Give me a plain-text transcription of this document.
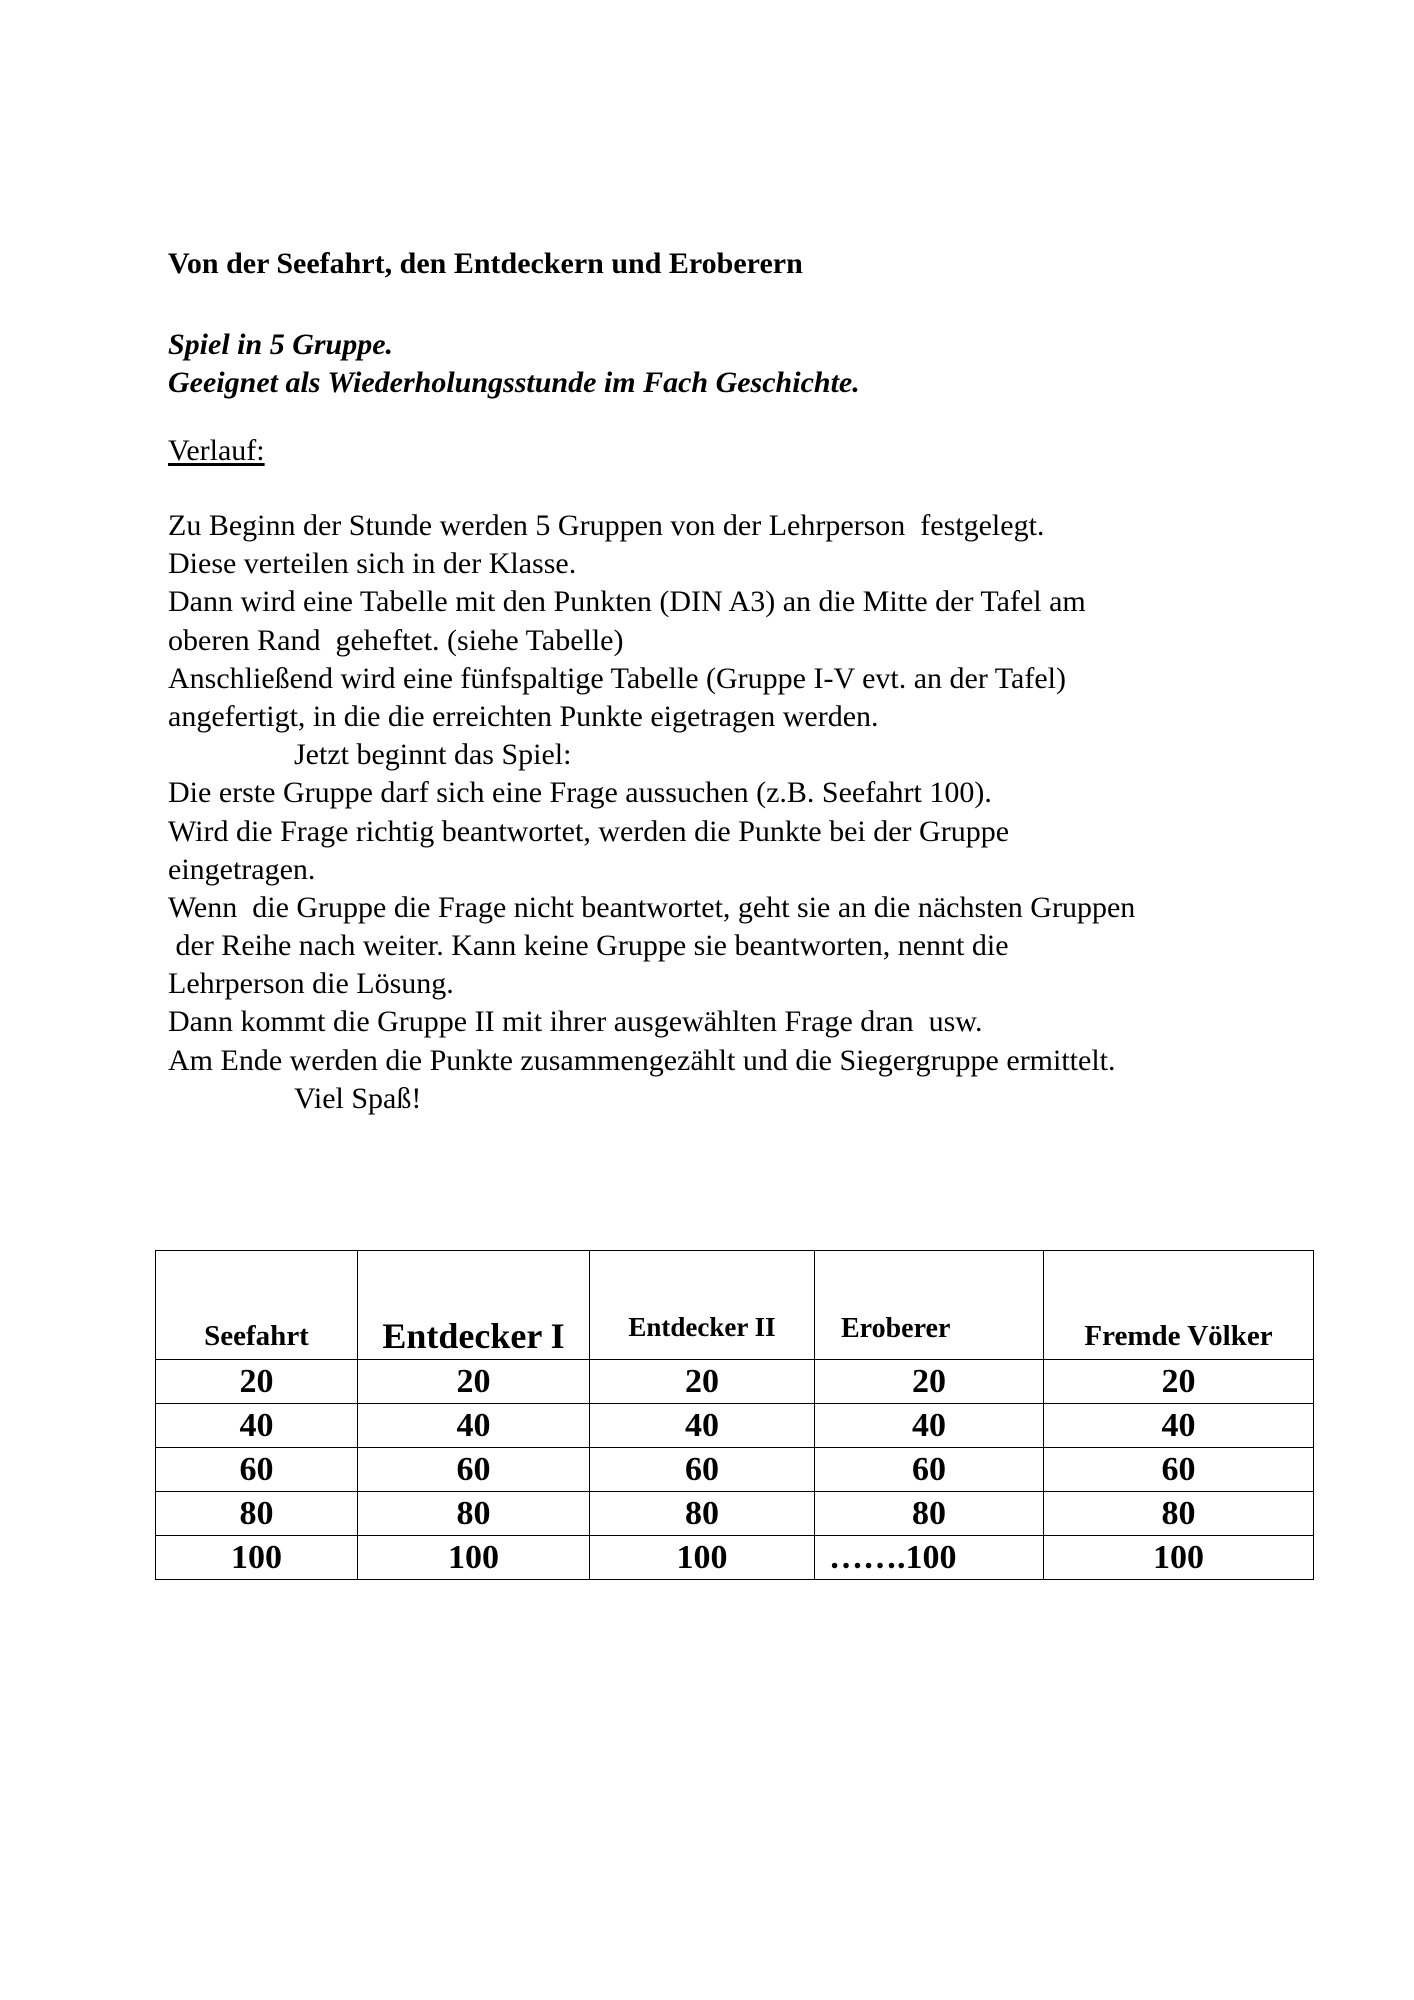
Von der Seefahrt, den Entdeckern und Eroberern
Spiel in 5 Gruppe.
Geeignet als Wiederholungsstunde im Fach Geschichte.
Verlauf:
Zu Beginn der Stunde werden 5 Gruppen von der Lehrperson  festgelegt.
Diese verteilen sich in der Klasse.
Dann wird eine Tabelle mit den Punkten (DIN A3) an die Mitte der Tafel am
oberen Rand  geheftet. (siehe Tabelle)
Anschließend wird eine fünfspaltige Tabelle (Gruppe I-V evt. an der Tafel)
angefertigt, in die die erreichten Punkte eigetragen werden.
Jetzt beginnt das Spiel:
Die erste Gruppe darf sich eine Frage aussuchen (z.B. Seefahrt 100).
Wird die Frage richtig beantwortet, werden die Punkte bei der Gruppe
eingetragen.
Wenn  die Gruppe die Frage nicht beantwortet, geht sie an die nächsten Gruppen
der Reihe nach weiter. Kann keine Gruppe sie beantworten, nennt die
Lehrperson die Lösung.
Dann kommt die Gruppe II mit ihrer ausgewählten Frage dran  usw.
Am Ende werden die Punkte zusammengezählt und die Siegergruppe ermittelt.
Viel Spaß!
Seefahrt	Entdecker I	Entdecker II	Eroberer	Fremde Völker
20	20	20	20	20
40	40	40	40	40
60	60	60	60	60
80	80	80	80	80
100	100	100	…….100	100
